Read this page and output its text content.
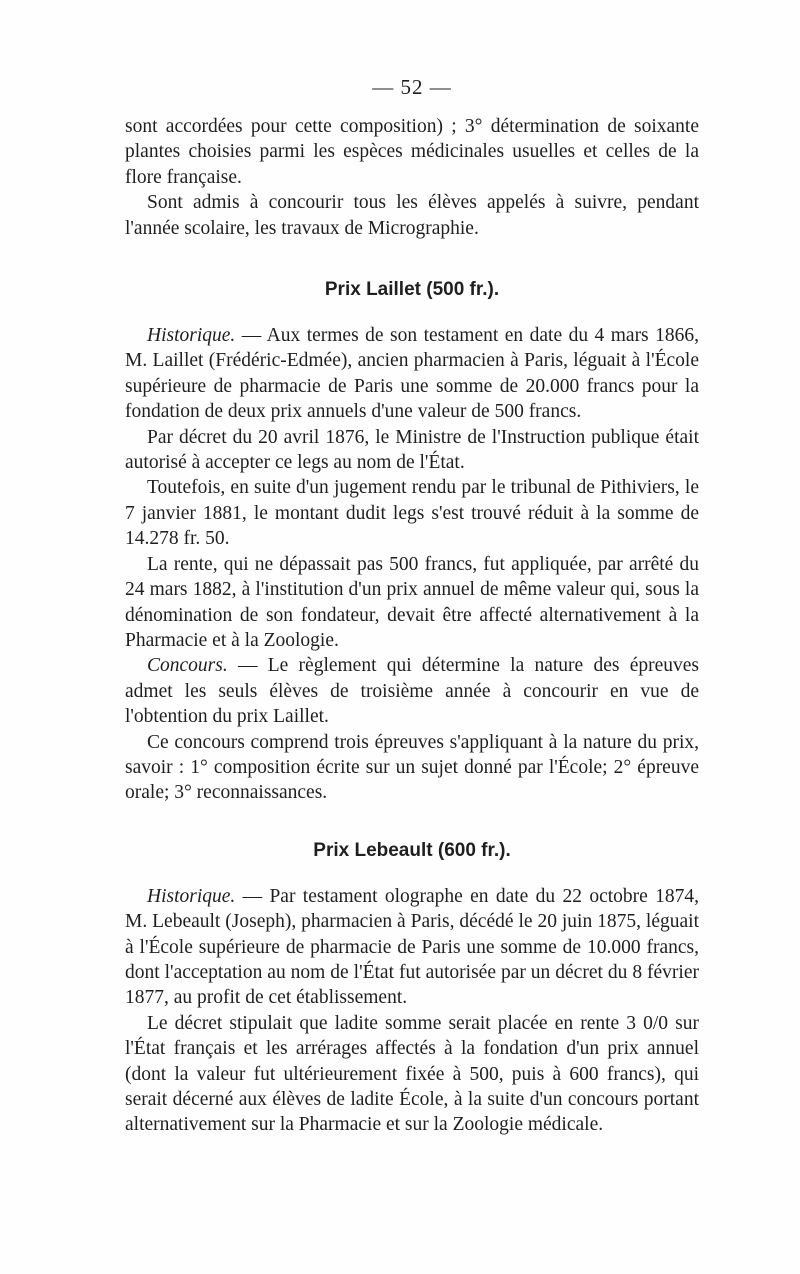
— 52 —

sont accordées pour cette composition) ; 3° détermination de soixante plantes choisies parmi les espèces médicinales usuelles et celles de la flore française.

Sont admis à concourir tous les élèves appelés à suivre, pendant l'année scolaire, les travaux de Micrographie.

Prix Laillet (500 fr.).

Historique. — Aux termes de son testament en date du 4 mars 1866, M. Laillet (Frédéric-Edmée), ancien pharmacien à Paris, léguait à l'École supérieure de pharmacie de Paris une somme de 20.000 francs pour la fondation de deux prix annuels d'une valeur de 500 francs.

Par décret du 20 avril 1876, le Ministre de l'Instruction publique était autorisé à accepter ce legs au nom de l'État.

Toutefois, en suite d'un jugement rendu par le tribunal de Pithiviers, le 7 janvier 1881, le montant dudit legs s'est trouvé réduit à la somme de 14.278 fr. 50.

La rente, qui ne dépassait pas 500 francs, fut appliquée, par arrêté du 24 mars 1882, à l'institution d'un prix annuel de même valeur qui, sous la dénomination de son fondateur, devait être affecté alternativement à la Pharmacie et à la Zoologie.

Concours. — Le règlement qui détermine la nature des épreuves admet les seuls élèves de troisième année à concourir en vue de l'obtention du prix Laillet.

Ce concours comprend trois épreuves s'appliquant à la nature du prix, savoir : 1° composition écrite sur un sujet donné par l'École; 2° épreuve orale; 3° reconnaissances.

Prix Lebeault (600 fr.).

Historique. — Par testament olographe en date du 22 octobre 1874, M. Lebeault (Joseph), pharmacien à Paris, décédé le 20 juin 1875, léguait à l'École supérieure de pharmacie de Paris une somme de 10.000 francs, dont l'acceptation au nom de l'État fut autorisée par un décret du 8 février 1877, au profit de cet établissement.

Le décret stipulait que ladite somme serait placée en rente 3 0/0 sur l'État français et les arrérages affectés à la fondation d'un prix annuel (dont la valeur fut ultérieurement fixée à 500, puis à 600 francs), qui serait décerné aux élèves de ladite École, à la suite d'un concours portant alternativement sur la Pharmacie et sur la Zoologie médicale.
